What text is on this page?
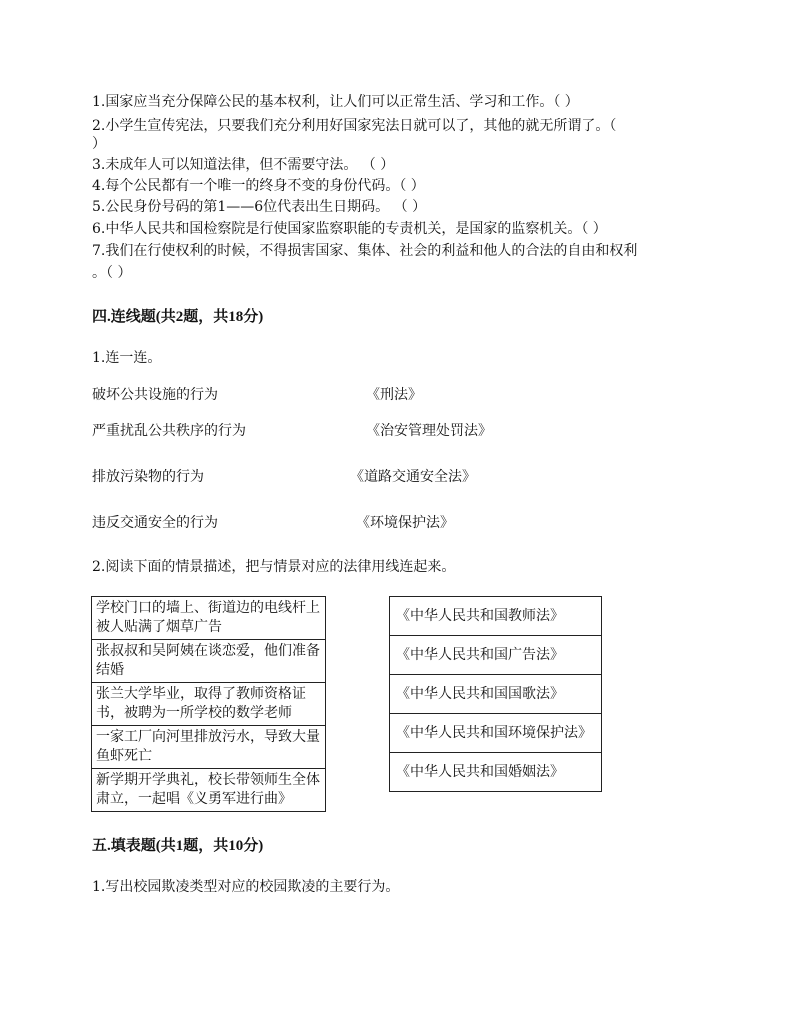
1.国家应当充分保障公民的基本权利，让人们可以正常生活、学习和工作。（ ）
2.小学生宣传宪法，只要我们充分利用好国家宪法日就可以了，其他的就无所谓了。（
）
3.未成年人可以知道法律，但不需要守法。 （ ）
4.每个公民都有一个唯一的终身不变的身份代码。（ ）
5.公民身份号码的第1——6位代表出生日期码。 （ ）
6.中华人民共和国检察院是行使国家监察职能的专责机关，是国家的监察机关。（ ）
7.我们在行使权利的时候，不得损害国家、集体、社会的利益和他人的合法的自由和权利
。（ ）
四.连线题(共2题，共18分)
1.连一连。
破坏公共设施的行为	《刑法》
严重扰乱公共秩序的行为	《治安管理处罚法》
排放污染物的行为	《道路交通安全法》
违反交通安全的行为	《环境保护法》
2.阅读下面的情景描述，把与情景对应的法律用线连起来。
学校门口的墙上、街道边的电线杆上被人贴满了烟草广告
张叔叔和吴阿姨在谈恋爱，他们准备结婚
张兰大学毕业，取得了教师资格证书，被聘为一所学校的数学老师
一家工厂向河里排放污水，导致大量鱼虾死亡
新学期开学典礼，校长带领师生全体肃立，一起唱《义勇军进行曲》
《中华人民共和国教师法》
《中华人民共和国广告法》
《中华人民共和国国歌法》
《中华人民共和国环境保护法》
《中华人民共和国婚姻法》
五.填表题(共1题，共10分)
1.写出校园欺凌类型对应的校园欺凌的主要行为。
